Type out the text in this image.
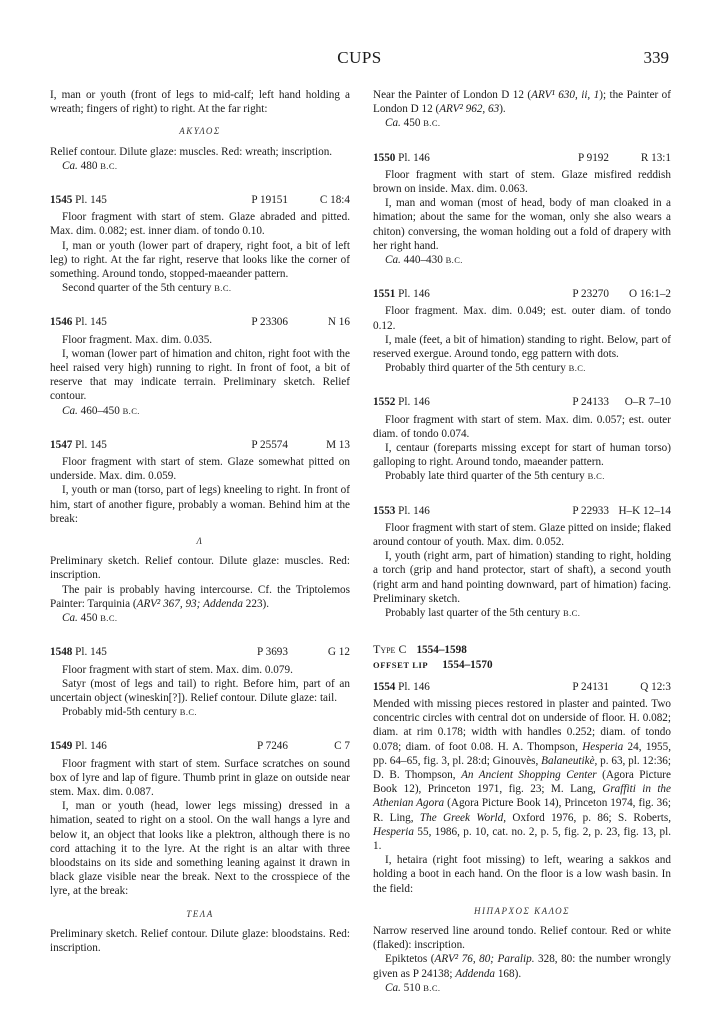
CUPS	339

I, man or youth (front of legs to mid-calf; left hand holding a wreath; fingers of right) to right. At the far right:

ΑΚΥΛΟΣ

Relief contour. Dilute glaze: muscles. Red: wreath; inscription.

Ca. 480 B.C.

1545 Pl. 145	P 19151	C 18:4

Floor fragment with start of stem. Glaze abraded and pitted. Max. dim. 0.082; est. inner diam. of tondo 0.10.

I, man or youth (lower part of drapery, right foot, a bit of left leg) to right. At the far right, reserve that looks like the corner of something. Around tondo, stopped-maeander pattern.

Second quarter of the 5th century B.C.

1546 Pl. 145	P 23306	N 16

Floor fragment. Max. dim. 0.035.

I, woman (lower part of himation and chiton, right foot with the heel raised very high) running to right. In front of foot, a bit of reserve that may indicate terrain. Preliminary sketch. Relief contour.

Ca. 460–450 B.C.

1547 Pl. 145	P 25574	M 13

Floor fragment with start of stem. Glaze somewhat pitted on underside. Max. dim. 0.059.

I, youth or man (torso, part of legs) kneeling to right. In front of him, start of another figure, probably a woman. Behind him at the break:

Λ

Preliminary sketch. Relief contour. Dilute glaze: muscles. Red: inscription.

The pair is probably having intercourse. Cf. the Triptolemos Painter: Tarquinia (ARV² 367, 93; Addenda 223).

Ca. 450 B.C.

1548 Pl. 145	P 3693	G 12

Floor fragment with start of stem. Max. dim. 0.079.

Satyr (most of legs and tail) to right. Before him, part of an uncertain object (wineskin[?]). Relief contour. Dilute glaze: tail.

Probably mid-5th century B.C.

1549 Pl. 146	P 7246	C 7

Floor fragment with start of stem. Surface scratches on sound box of lyre and lap of figure. Thumb print in glaze on outside near stem. Max. dim. 0.087.

I, man or youth (head, lower legs missing) dressed in a himation, seated to right on a stool. On the wall hangs a lyre and below it, an object that looks like a plektron, although there is no cord attaching it to the lyre. At the right is an altar with three bloodstains on its side and something leaning against it drawn in black glaze visible near the break. Next to the crosspiece of the lyre, at the break:

ΤΕΛΑ

Preliminary sketch. Relief contour. Dilute glaze: bloodstains. Red: inscription.

Near the Painter of London D 12 (ARV¹ 630, ii, 1); the Painter of London D 12 (ARV² 962, 63).

Ca. 450 B.C.

1550 Pl. 146	P 9192	R 13:1

Floor fragment with start of stem. Glaze misfired reddish brown on inside. Max. dim. 0.063.

I, man and woman (most of head, body of man cloaked in a himation; about the same for the woman, only she also wears a chiton) conversing, the woman holding out a fold of drapery with her right hand.

Ca. 440–430 B.C.

1551 Pl. 146	P 23270	O 16:1–2

Floor fragment. Max. dim. 0.049; est. outer diam. of tondo 0.12.

I, male (feet, a bit of himation) standing to right. Below, part of reserved exergue. Around tondo, egg pattern with dots.

Probably third quarter of the 5th century B.C.

1552 Pl. 146	P 24133	O–R 7–10

Floor fragment with start of stem. Max. dim. 0.057; est. outer diam. of tondo 0.074.

I, centaur (foreparts missing except for start of human torso) galloping to right. Around tondo, maeander pattern.

Probably late third quarter of the 5th century B.C.

1553 Pl. 146	P 22933 H–K 12–14

Floor fragment with start of stem. Glaze pitted on inside; flaked around contour of youth. Max. dim. 0.052.

I, youth (right arm, part of himation) standing to right, holding a torch (grip and hand protector, start of shaft), a second youth (right arm and hand pointing downward, part of himation) facing. Preliminary sketch.

Probably last quarter of the 5th century B.C.

Type C 1554–1598
OFFSET LIP 1554–1570
1554 Pl. 146	P 24131	Q 12:3

Mended with missing pieces restored in plaster and painted. Two concentric circles with central dot on underside of floor. H. 0.082; diam. at rim 0.178; width with handles 0.252; diam. of tondo 0.078; diam. of foot 0.08. H. A. Thompson, Hesperia 24, 1955, pp. 64–65, fig. 3, pl. 28:d; Ginouvès, Balaneutikè, p. 63, pl. 12:36; D. B. Thompson, An Ancient Shopping Center (Agora Picture Book 12), Princeton 1971, fig. 23; M. Lang, Graffiti in the Athenian Agora (Agora Picture Book 14), Princeton 1974, fig. 36; R. Ling, The Greek World, Oxford 1976, p. 86; S. Roberts, Hesperia 55, 1986, p. 10, cat. no. 2, p. 5, fig. 2, p. 23, fig. 13, pl. 1.

I, hetaira (right foot missing) to left, wearing a sakkos and holding a boot in each hand. On the floor is a low wash basin. In the field:

ΗΙΠΑΡΧΟΣ ΚΑΛΟΣ

Narrow reserved line around tondo. Relief contour. Red or white (flaked): inscription.

Epiktetos (ARV² 76, 80; Paralip. 328, 80: the number wrongly given as P 24138; Addenda 168).

Ca. 510 B.C.
